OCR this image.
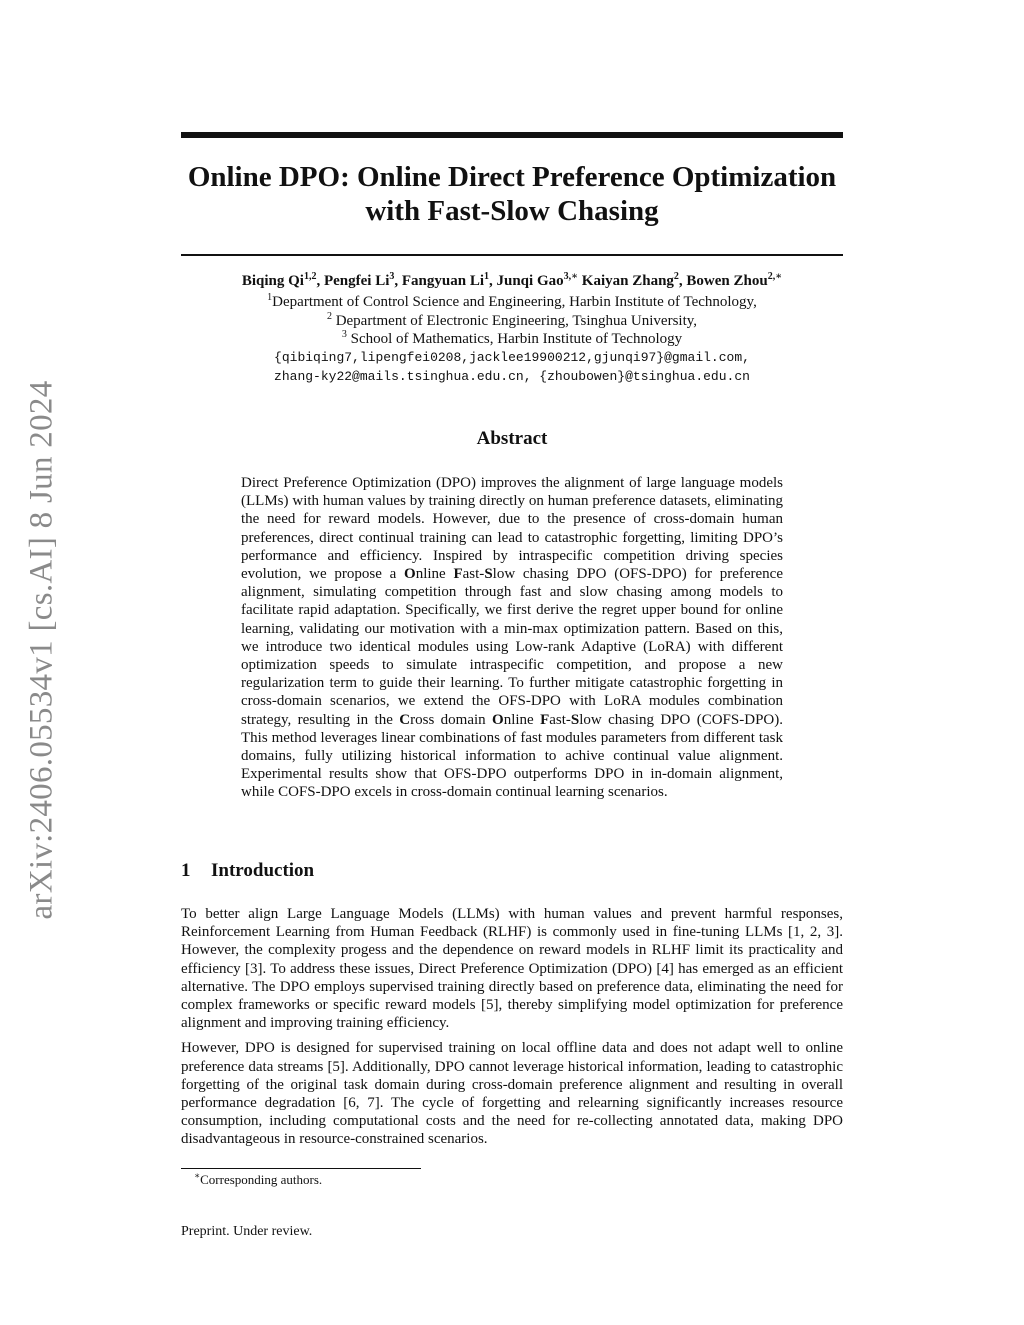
arXiv:2406.05534v1 [cs.AI] 8 Jun 2024
Online DPO: Online Direct Preference Optimization
with Fast-Slow Chasing
Biqing Qi$^{1,2}$, Pengfei Li$^3$, Fangyuan Li$^1$, Junqi Gao$^{3,∗}$ Kaiyan Zhang$^2$, Bowen Zhou$^{2,∗}$
$^1$Department of Control Science and Engineering, Harbin Institute of Technology,
$^2$ Department of Electronic Engineering, Tsinghua University,
$^3$ School of Mathematics, Harbin Institute of Technology
{qibiqing7,lipengfei0208,jacklee19900212,gjunqi97}@gmail.com,
zhang-ky22@mails.tsinghua.edu.cn, {zhoubowen}@tsinghua.edu.cn
Abstract

Direct Preference Optimization (DPO) improves the alignment of large language models (LLMs) with human values by training directly on human preference datasets, eliminating the need for reward models. However, due to the presence of cross-domain human preferences, direct continual training can lead to catastrophic forgetting, limiting DPO’s performance and efficiency. Inspired by intraspecific competition driving species evolution, we propose a Online Fast-Slow chasing DPO (OFS-DPO) for preference alignment, simulating competition through fast and slow chasing among models to facilitate rapid adaptation. Specifically, we first derive the regret upper bound for online learning, validating our motivation with a min-max optimization pattern. Based on this, we introduce two identical modules using Low-rank Adaptive (LoRA) with different optimization speeds to simulate intraspecific competition, and propose a new regularization term to guide their learning. To further mitigate catastrophic forgetting in cross-domain scenarios, we extend the OFS-DPO with LoRA modules combination strategy, resulting in the Cross domain Online Fast-Slow chasing DPO (COFS-DPO). This method leverages linear combinations of fast modules parameters from different task domains, fully utilizing historical information to achive continual value alignment. Experimental results show that OFS-DPO outperforms DPO in in-domain alignment, while COFS-DPO excels in cross-domain continual learning scenarios.

1 Introduction

To better align Large Language Models (LLMs) with human values and prevent harmful responses, Reinforcement Learning from Human Feedback (RLHF) is commonly used in fine-tuning LLMs [1, 2, 3]. However, the complexity progess and the dependence on reward models in RLHF limit its practicality and efficiency [3]. To address these issues, Direct Preference Optimization (DPO) [4] has emerged as an efficient alternative. The DPO employs supervised training directly based on preference data, eliminating the need for complex frameworks or specific reward models [5], thereby simplifying model optimization for preference alignment and improving training efficiency.

However, DPO is designed for supervised training on local offline data and does not adapt well to online preference data streams [5]. Additionally, DPO cannot leverage historical information, leading to catastrophic forgetting of the original task domain during cross-domain preference alignment and resulting in overall performance degradation [6, 7]. The cycle of forgetting and relearning significantly increases resource consumption, including computational costs and the need for re-collecting annotated data, making DPO disadvantageous in resource-constrained scenarios.

∗Corresponding authors.
Preprint. Under review.
